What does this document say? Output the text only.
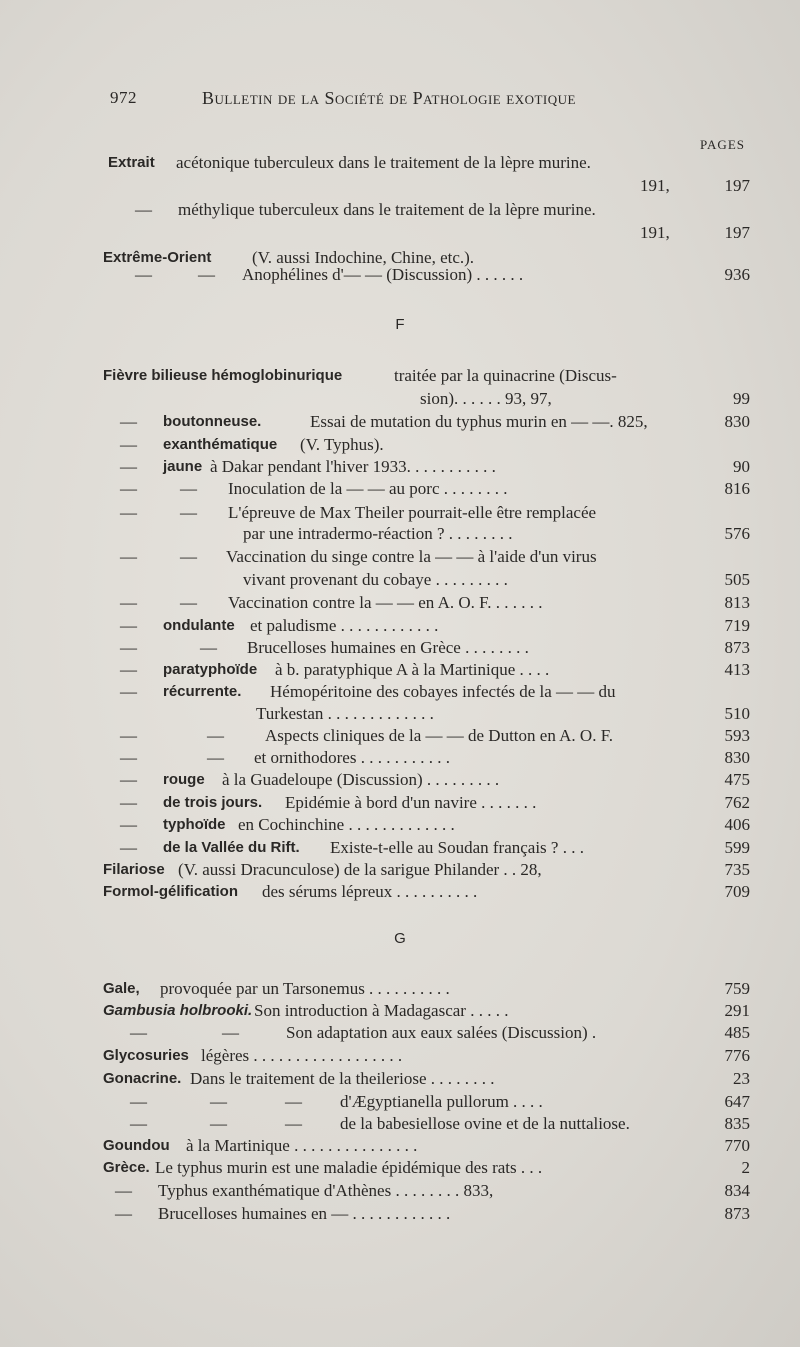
972	Bulletin de la Société de Pathologie exotique
PAGES
F
G
Extrait acétonique tuberculeux dans le traitement de la lèpre murine.
191,	197
— méthylique tuberculeux dans le traitement de la lèpre murine.
191,	197
Extrême-Orient (V. aussi Indochine, Chine, etc.).
—	— Anophélines d'— — (Discussion) . . . . . .	936
Fièvre bilieuse hémoglobinurique	traitée par la quinacrine (Discus-
sion). . . . . . 93, 97,	99
— boutonneuse.	Essai de mutation du typhus murin en — —. 825,	830
— exanthématique (V. Typhus).
— jaune à Dakar pendant l'hiver 1933. . . . . . . . . . .	90
—	— Inoculation de la — — au porc . . . . . . . .	816
—	— L'épreuve de Max Theiler pourrait-elle être remplacée
par une intradermo-réaction ? . . . . . . . .	576
—	— Vaccination du singe contre la — — à l'aide d'un virus
vivant provenant du cobaye . . . . . . . . .	505
—	— Vaccination contre la — — en A. O. F. . . . . . .	813
— ondulante et paludisme . . . . . . . . . . . .	719
—	— Brucelloses humaines en Grèce . . . . . . . .	873
— paratyphoïde à b. paratyphique A à la Martinique . . . .	413
— récurrente. Hémopéritoine des cobayes infectés de la — — du
Turkestan . . . . . . . . . . . . .	510
—	— Aspects cliniques de la — — de Dutton en A. O. F.	593
—	— et ornithodores . . . . . . . . . . .	830
— rouge à la Guadeloupe (Discussion) . . . . . . . . .	475
— de trois jours. Epidémie à bord d'un navire . . . . . . .	762
— typhoïde en Cochinchine . . . . . . . . . . . . .	406
— de la Vallée du Rift. Existe-t-elle au Soudan français ? . . .	599
Filariose (V. aussi Dracunculose) de la sarigue Philander . . 28,	735
Formol-gélification des sérums lépreux . . . . . . . . . .	709
Gale, provoquée par un Tarsonemus . . . . . . . . . .	759
Gambusia holbrooki. Son introduction à Madagascar . . . . .	291
—	—	Son adaptation aux eaux salées (Discussion) .	485
Glycosuries légères . . . . . . . . . . . . . . . . . .	776
Gonacrine. Dans le traitement de la theileriose . . . . . . . .	23
—	—	— d'Ægyptianella pullorum . . . .	647
—	—	— de la babesiellose ovine et de la nuttaliose.	835
Goundou à la Martinique . . . . . . . . . . . . . . .	770
Grèce. Le typhus murin est une maladie épidémique des rats . . .	2
— Typhus exanthématique d'Athènes . . . . . . . . 833,	834
— Brucelloses humaines en — . . . . . . . . . . . .	873
